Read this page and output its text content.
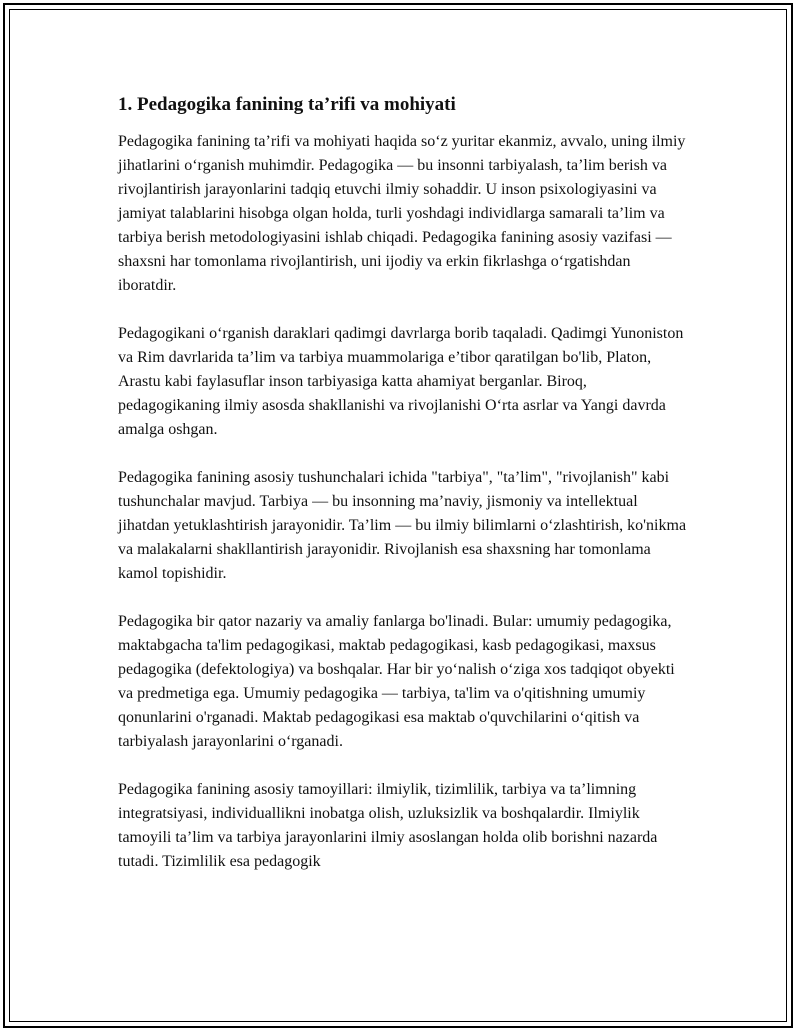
1. Pedagogika fanining ta’rifi va mohiyati

Pedagogika fanining ta’rifi va mohiyati haqida so‘z yuritar ekanmiz, avvalo, uning ilmiy jihatlarini o‘rganish muhimdir. Pedagogika — bu insonni tarbiyalash, ta’lim berish va rivojlantirish jarayonlarini tadqiq etuvchi ilmiy sohaddir. U inson psixologiyasini va jamiyat talablarini hisobga olgan holda, turli yoshdagi individlarga samarali ta’lim va tarbiya berish metodologiyasini ishlab chiqadi. Pedagogika fanining asosiy vazifasi — shaxsni har tomonlama rivojlantirish, uni ijodiy va erkin fikrlashga o‘rgatishdan iboratdir.

Pedagogikani o‘rganish daraklari qadimgi davrlarga borib taqaladi. Qadimgi Yunoniston va Rim davrlarida ta’lim va tarbiya muammolariga e’tibor qaratilgan bo'lib, Platon, Arastu kabi faylasuflar inson tarbiyasiga katta ahamiyat berganlar. Biroq, pedagogikaning ilmiy asosda shakllanishi va rivojlanishi O‘rta asrlar va Yangi davrda amalga oshgan.

Pedagogika fanining asosiy tushunchalari ichida "tarbiya", "ta’lim", "rivojlanish" kabi tushunchalar mavjud. Tarbiya — bu insonning ma’naviy, jismoniy va intellektual jihatdan yetuklashtirish jarayonidir. Ta’lim — bu ilmiy bilimlarni o‘zlashtirish, ko'nikma va malakalarni shakllantirish jarayonidir. Rivojlanish esa shaxsning har tomonlama kamol topishidir.

Pedagogika bir qator nazariy va amaliy fanlarga bo'linadi. Bular: umumiy pedagogika, maktabgacha ta'lim pedagogikasi, maktab pedagogikasi, kasb pedagogikasi, maxsus pedagogika (defektologiya) va boshqalar. Har bir yo‘nalish o‘ziga xos tadqiqot obyekti va predmetiga ega. Umumiy pedagogika — tarbiya, ta'lim va o'qitishning umumiy qonunlarini o'rganadi. Maktab pedagogikasi esa maktab o'quvchilarini o‘qitish va tarbiyalash jarayonlarini o‘rganadi.

Pedagogika fanining asosiy tamoyillari: ilmiylik, tizimlilik, tarbiya va ta’limning integratsiyasi, individuallikni inobatga olish, uzluksizlik va boshqalardir. Ilmiylik tamoyili ta’lim va tarbiya jarayonlarini ilmiy asoslangan holda olib borishni nazarda tutadi. Tizimlilik esa pedagogik
